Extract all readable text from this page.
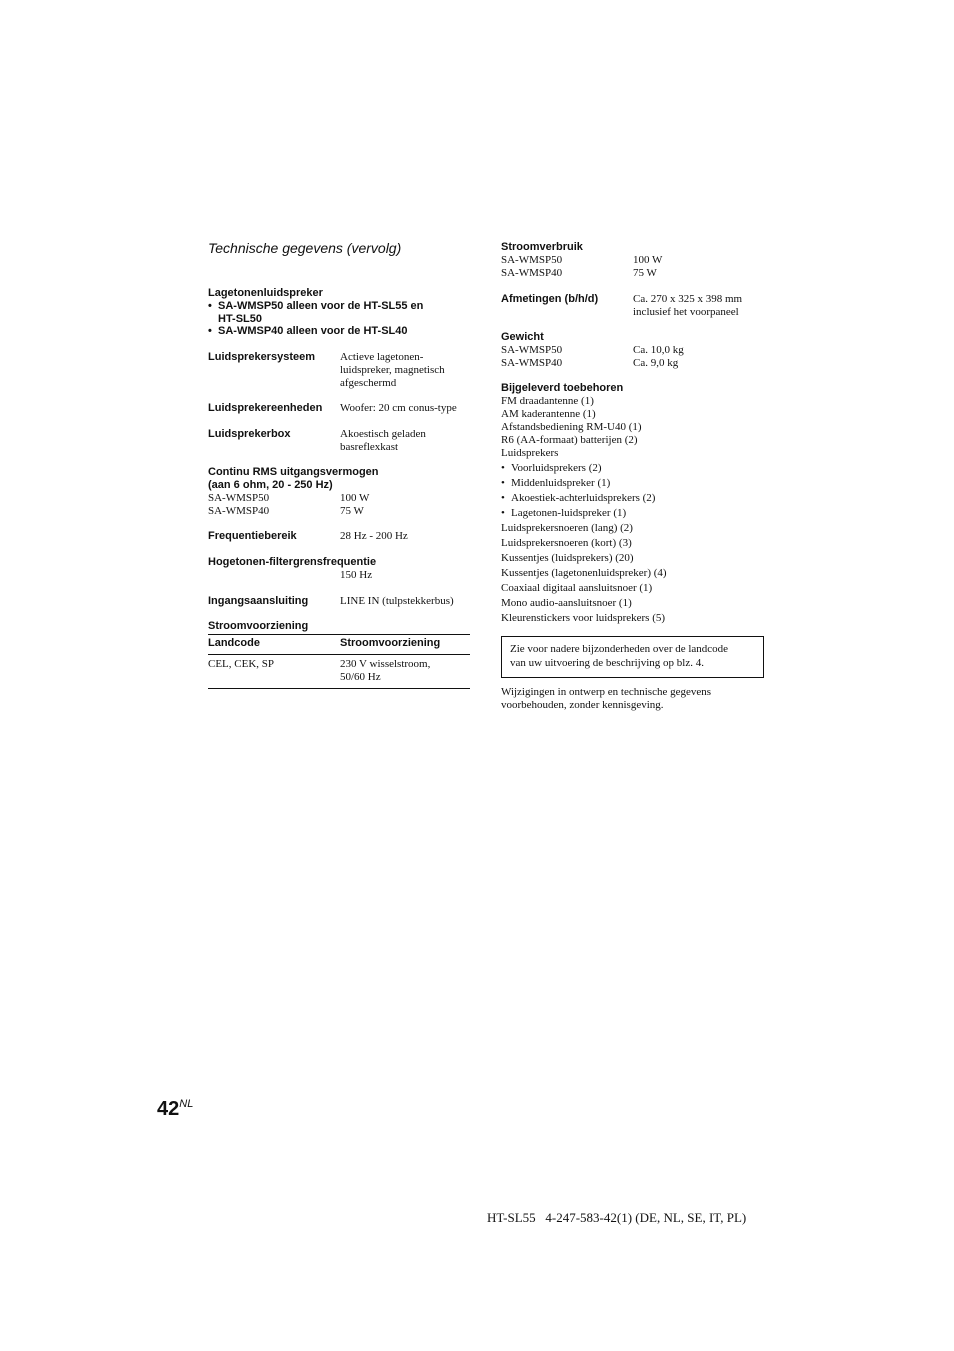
Technische gegevens (vervolg)
Lagetonenluidspreker
• SA-WMSP50 alleen voor de HT-SL55 en
HT-SL50
• SA-WMSP40 alleen voor de HT-SL40
Luidsprekersysteem	Actieve lagetonen-
luidspreker, magnetisch
afgeschermd
Luidsprekereenheden	Woofer: 20 cm conus-type
Luidsprekerbox	Akoestisch geladen
basreflexkast
Continu RMS uitgangsvermogen
(aan 6 ohm, 20 - 250 Hz)
SA-WMSP50	100 W
SA-WMSP40	75 W
Frequentiebereik	28 Hz - 200 Hz
Hogetonen-filtergrensfrequentie
150 Hz
Ingangsaansluiting	LINE IN (tulpstekkerbus)
Stroomvoorziening
Landcode	Stroomvoorziening
CEL, CEK, SP	230 V wisselstroom,
50/60 Hz
Stroomverbruik
SA-WMSP50	100 W
SA-WMSP40	75 W
Afmetingen (b/h/d)	Ca. 270 x 325 x 398 mm
inclusief het voorpaneel
Gewicht
SA-WMSP50	Ca. 10,0 kg
SA-WMSP40	Ca. 9,0 kg
Bijgeleverd toebehoren
FM draadantenne (1)
AM kaderantenne (1)
Afstandsbediening RM-U40 (1)
R6 (AA-formaat) batterijen (2)
Luidsprekers
• Voorluidsprekers (2)
• Middenluidspreker (1)
• Akoestiek-achterluidsprekers (2)
• Lagetonen-luidspreker (1)
Luidsprekersnoeren (lang) (2)
Luidsprekersnoeren (kort) (3)
Kussentjes (luidsprekers) (20)
Kussentjes (lagetonenluidspreker) (4)
Coaxiaal digitaal aansluitsnoer (1)
Mono audio-aansluitsnoer (1)
Kleurenstickers voor luidsprekers (5)
Zie voor nadere bijzonderheden over de landcode
van uw uitvoering de beschrijving op blz. 4.
Wijzigingen in ontwerp en technische gegevens
voorbehouden, zonder kennisgeving.
$42^{NL}$
HT-SL55   4-247-583-42(1) (DE, NL, SE, IT, PL)
